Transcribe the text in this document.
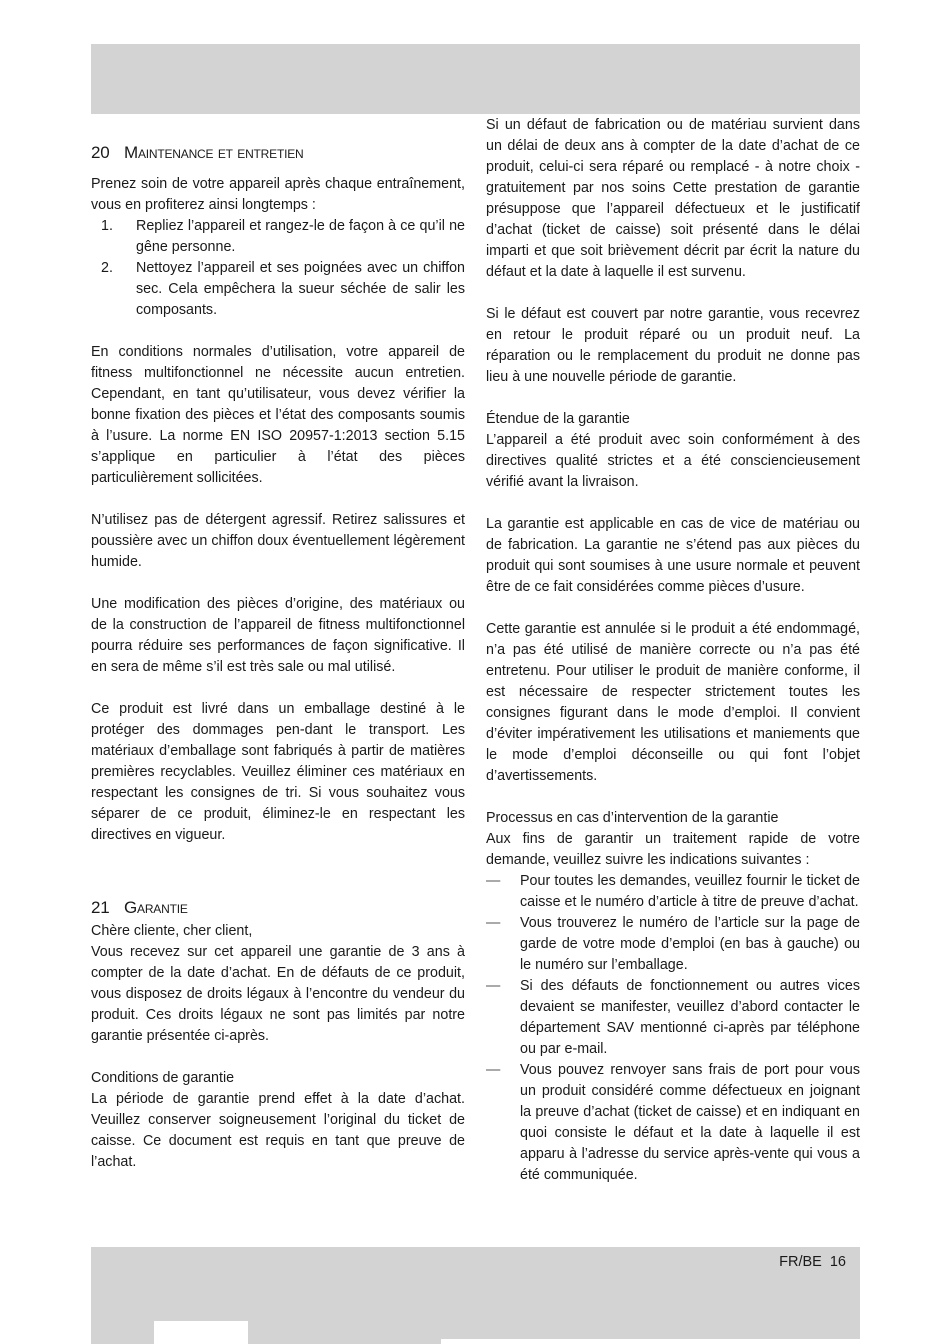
20 Maintenance et entretien

Prenez soin de votre appareil après chaque entraînement, vous en profiterez ainsi longtemps :

1. Repliez l’appareil et rangez-le de façon à ce qu’il ne gêne personne.
2. Nettoyez l’appareil et ses poignées avec un chiffon sec. Cela empêchera la sueur séchée de salir les composants.

En conditions normales d’utilisation, votre appareil de fitness multifonctionnel ne nécessite aucun entretien. Cependant, en tant qu’utilisateur, vous devez vérifier la bonne fixation des pièces et l’état des composants soumis à l’usure. La norme EN ISO 20957-1:2013 section 5.15 s’applique en particulier à l’état des pièces particulièrement sollicitées.

N’utilisez pas de détergent agressif. Retirez salissures et poussière avec un chiffon doux éventuellement légèrement humide.

Une modification des pièces d’origine, des matériaux ou de la construction de l’appareil de fitness multifonctionnel pourra réduire ses performances de façon significative. Il en sera de même s’il est très sale ou mal utilisé.

Ce produit est livré dans un emballage destiné à le protéger des dommages pen-dant le transport. Les matériaux d’emballage sont fabriqués à partir de matières premières recyclables. Veuillez éliminer ces matériaux en respectant les consignes de tri. Si vous souhaitez vous séparer de ce produit, éliminez-le en respectant les directives en vigueur.

21 Garantie

Chère cliente, cher client,

Vous recevez sur cet appareil une garantie de 3 ans à compter de la date d’achat. En de défauts de ce produit, vous disposez de droits légaux à l’encontre du vendeur du produit. Ces droits légaux ne sont pas limités par notre garantie présentée ci-après.

Conditions de garantie

La période de garantie prend effet à la date d’achat. Veuillez conserver soigneusement l’original du ticket de caisse. Ce document est requis en tant que preuve de l’achat.

Si un défaut de fabrication ou de matériau survient dans un délai de deux ans à compter de la date d’achat de ce produit, celui-ci sera réparé ou remplacé - à notre choix - gratuitement par nos soins Cette prestation de garantie présuppose que l’appareil défectueux et le justificatif d’achat (ticket de caisse) soit présenté dans le délai imparti et que soit brièvement décrit par écrit la nature du défaut et la date à laquelle il est survenu.

Si le défaut est couvert par notre garantie, vous recevrez en retour le produit réparé ou un produit neuf. La réparation ou le remplacement du produit ne donne pas lieu à une nouvelle période de garantie.

Étendue de la garantie

L’appareil a été produit avec soin conformément à des directives qualité strictes et a été consciencieusement vérifié avant la livraison.

La garantie est applicable en cas de vice de matériau ou de fabrication. La garantie ne s’étend pas aux pièces du produit qui sont soumises à une usure normale et peuvent être de ce fait considérées comme pièces d’usure.

Cette garantie est annulée si le produit a été endommagé, n’a pas été utilisé de manière correcte ou n’a pas été entretenu. Pour utiliser le produit de manière conforme, il est nécessaire de respecter strictement toutes les consignes figurant dans le mode d’emploi. Il convient d’éviter impérativement les utilisations et maniements que le mode d’emploi déconseille ou qui font l’objet d’avertissements.

Processus en cas d’intervention de la garantie

Aux fins de garantir un traitement rapide de votre demande, veuillez suivre les indications suivantes :

— Pour toutes les demandes, veuillez fournir le ticket de caisse et le numéro d’article à titre de preuve d’achat.
— Vous trouverez le numéro de l’article sur la page de garde de votre mode d’emploi (en bas à gauche) ou le numéro sur l’emballage.
— Si des défauts de fonctionnement ou autres vices devaient se manifester, veuillez d’abord contacter le département SAV mentionné ci-après par téléphone ou par e-mail.
— Vous pouvez renvoyer sans frais de port pour vous un produit considéré comme défectueux en joignant la preuve d’achat (ticket de caisse) et en indiquant en quoi consiste le défaut et la date à laquelle il est apparu à l’adresse du service après-vente qui vous a été communiquée.
FR/BE 16
